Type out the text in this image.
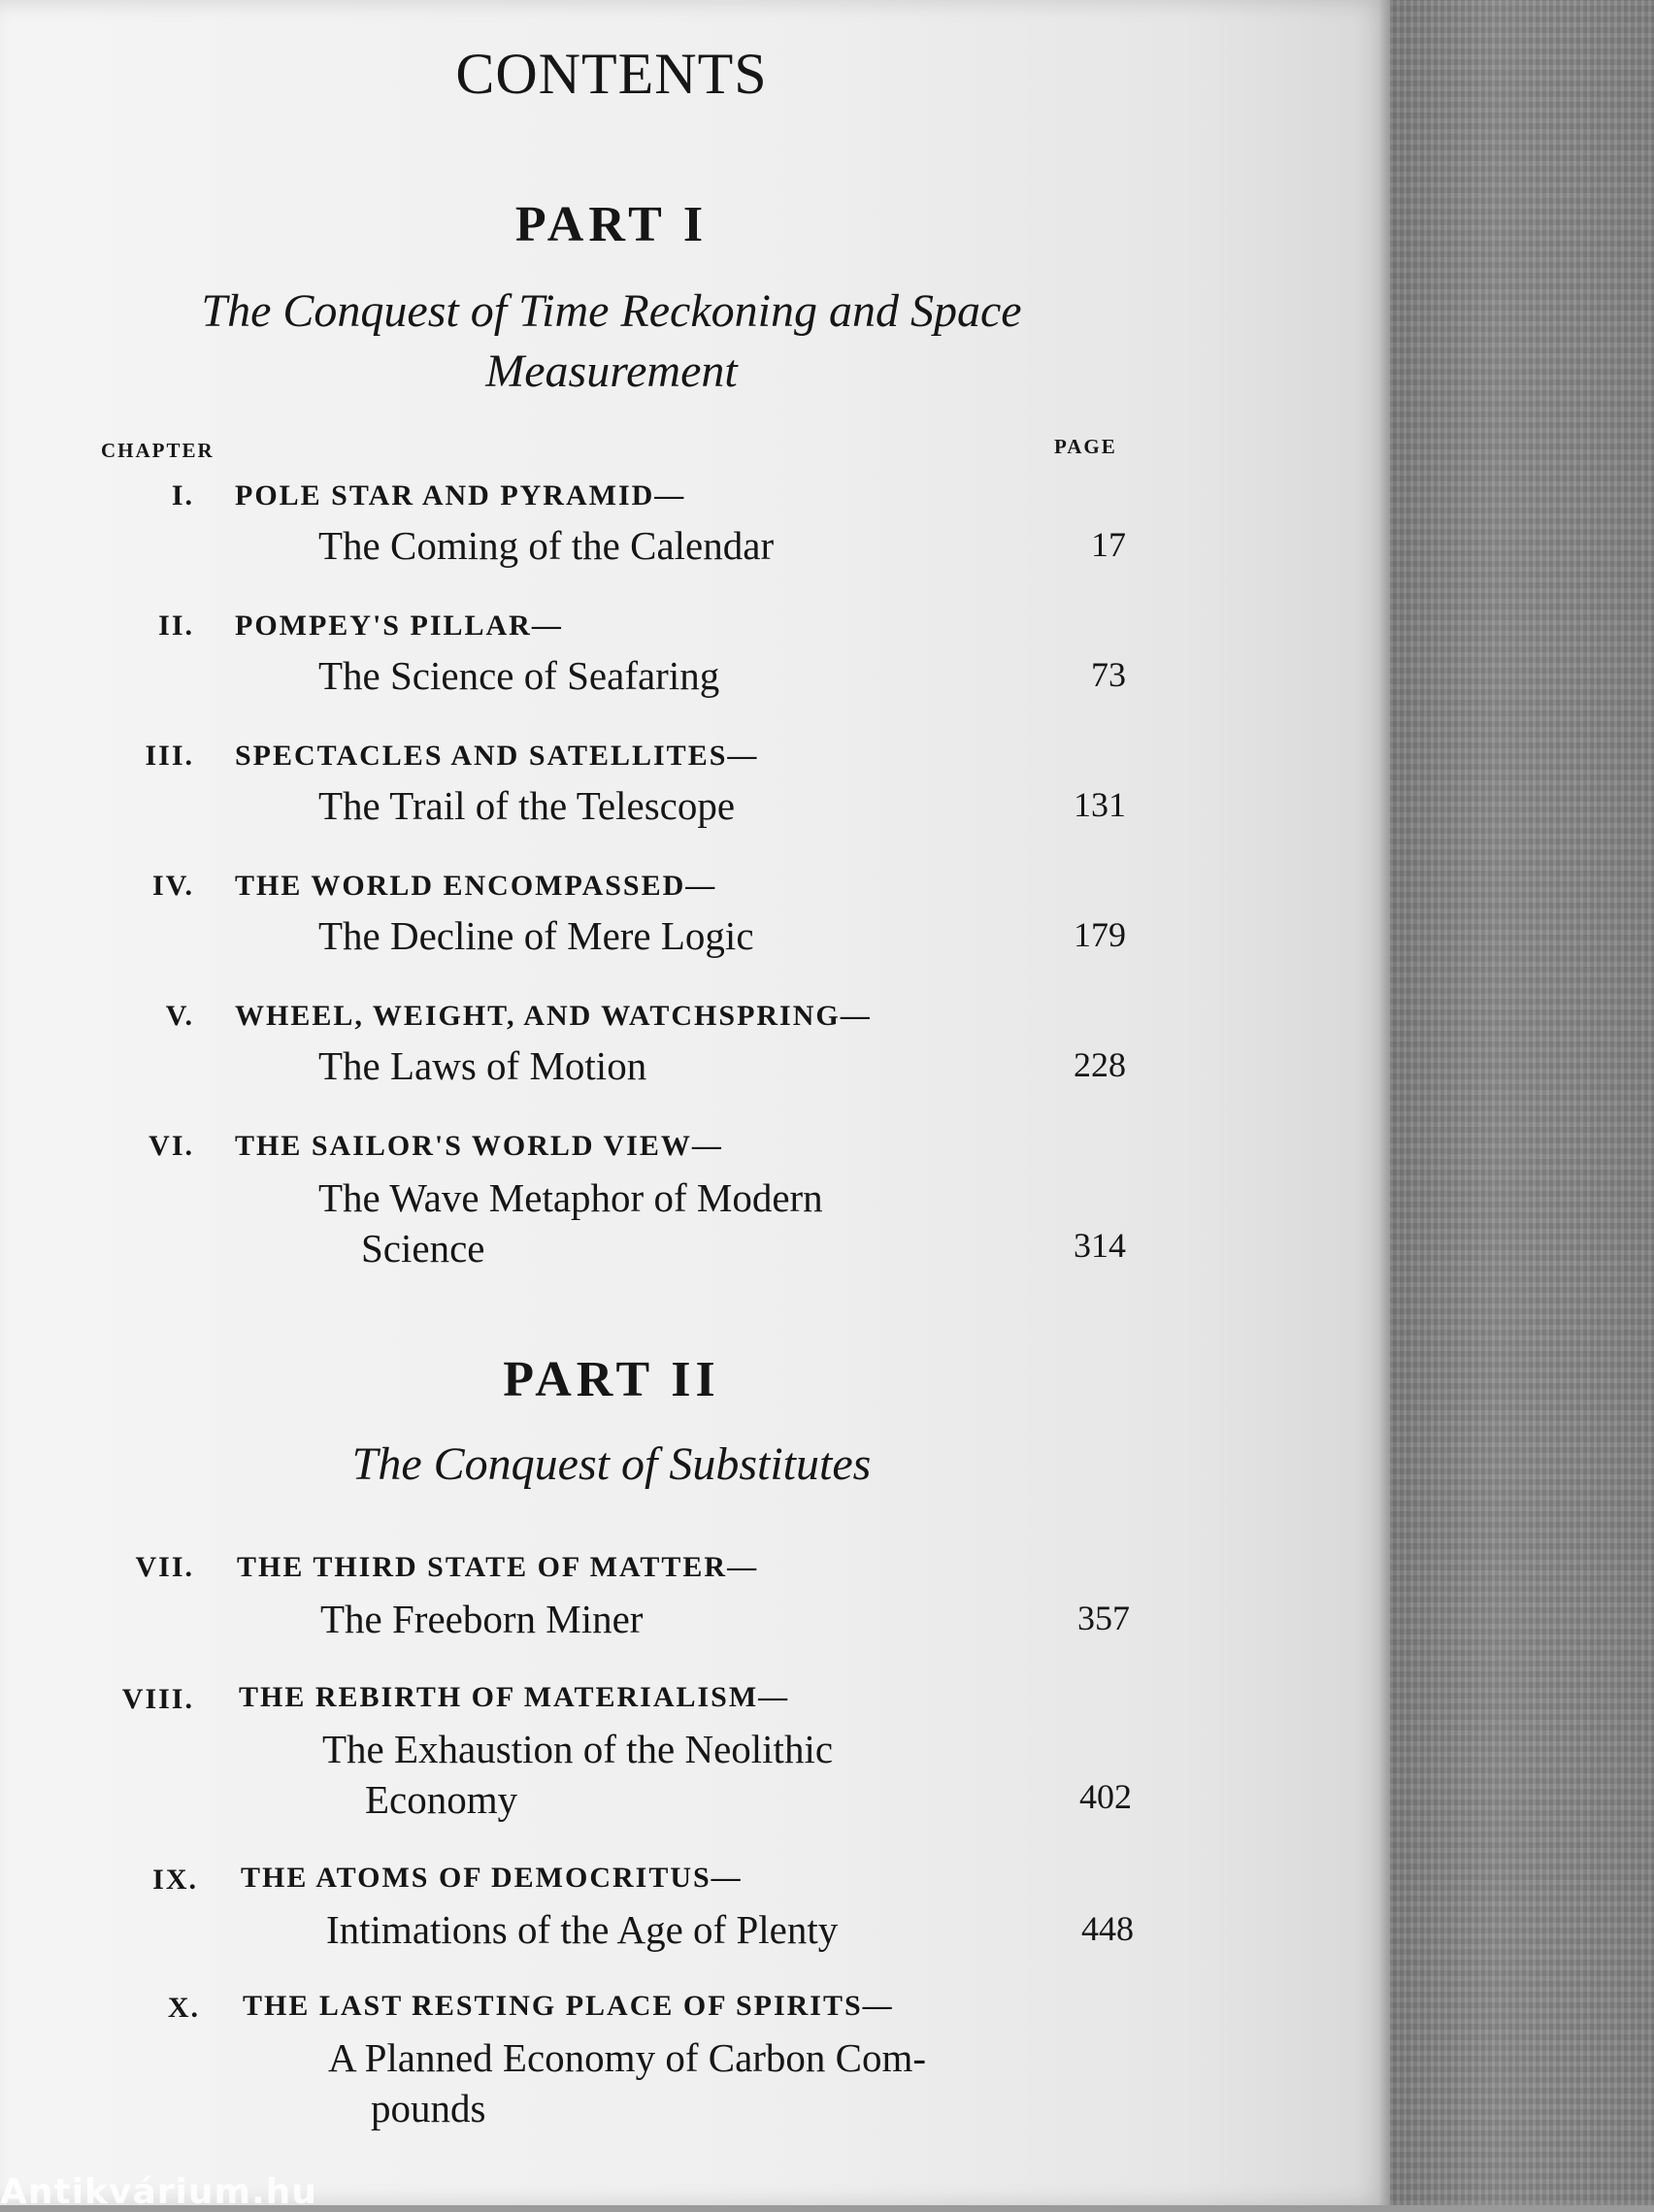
CONTENTS
PART I
The Conquest of Time Reckoning and Space Measurement
CHAPTER	PAGE
I. POLE STAR AND PYRAMID—
The Coming of the Calendar	17
II. POMPEY'S PILLAR—
The Science of Seafaring	73
III. SPECTACLES AND SATELLITES—
The Trail of the Telescope	131
IV. THE WORLD ENCOMPASSED—
The Decline of Mere Logic	179
V. WHEEL, WEIGHT, AND WATCHSPRING—
The Laws of Motion	228
VI. THE SAILOR'S WORLD VIEW—
The Wave Metaphor of Modern
Science	314
PART II
The Conquest of Substitutes
VII. THE THIRD STATE OF MATTER—
The Freeborn Miner	357
VIII. THE REBIRTH OF MATERIALISM—
The Exhaustion of the Neolithic
Economy	402
IX. THE ATOMS OF DEMOCRITUS—
Intimations of the Age of Plenty	448
X. THE LAST RESTING PLACE OF SPIRITS—
A Planned Economy of Carbon Com-
pounds
Antikvárium.hu
